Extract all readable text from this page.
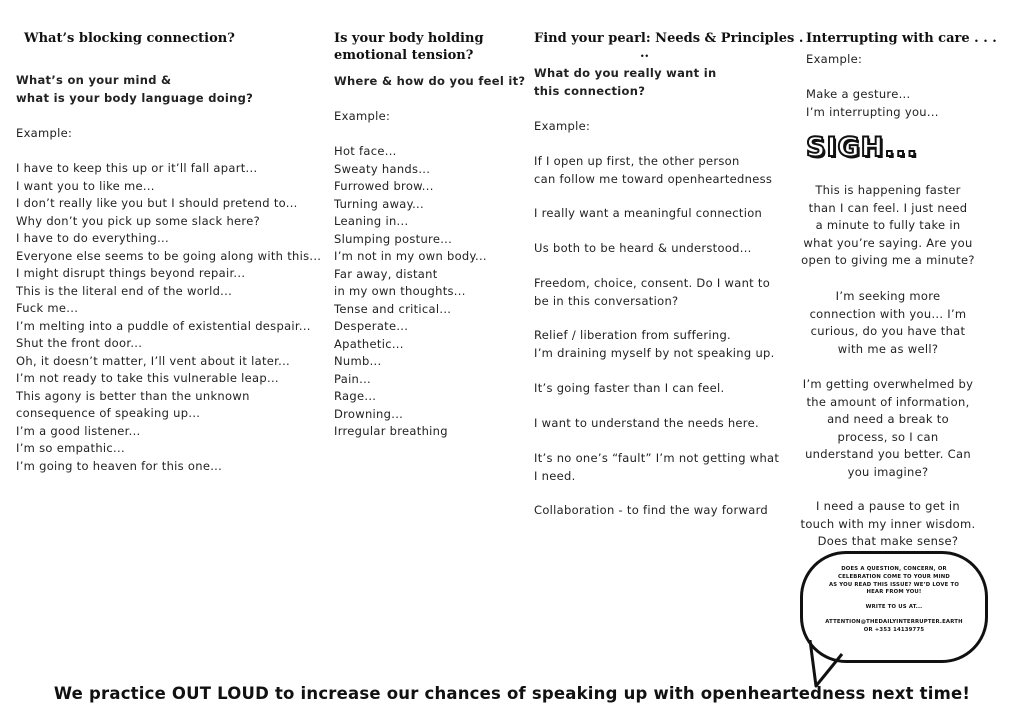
What’s blocking connection?
What’s on your mind &
what is your body language doing?
Example:
I have to keep this up or it’ll fall apart...
I want you to like me...
I don’t really like you but I should pretend to...
Why don’t you pick up some slack here?
I have to do everything...
Everyone else seems to be going along with this...
I might disrupt things beyond repair...
This is the literal end of the world...
Fuck me...
I’m melting into a puddle of existential despair...
Shut the front door...
Oh, it doesn’t matter, I’ll vent about it later...
I’m not ready to take this vulnerable leap...
This agony is better than the unknown
consequence of speaking up...
I’m a good listener...
I’m so empathic...
I’m going to heaven for this one...
Is your body holding
emotional tension?
Where & how do you feel it?
Example:
Hot face...
Sweaty hands...
Furrowed brow...
Turning away...
Leaning in...
Slumping posture...
I’m not in my own body...
Far away, distant
in my own thoughts...
Tense and critical...
Desperate...
Apathetic...
Numb...
Pain...
Rage...
Drowning...
Irregular breathing
Find your pearl: Needs & Principles .
..
What do you really want in
this connection?
Example:
If I open up first, the other person
can follow me toward openheartedness
I really want a meaningful connection
Us both to be heard & understood...
Freedom, choice, consent. Do I want to
be in this conversation?
Relief / liberation from suffering.
I’m draining myself by not speaking up.
It’s going faster than I can feel.
I want to understand the needs here.
It’s no one’s “fault” I’m not getting what
I need.
Collaboration - to find the way forward
Interrupting with care . . .
Example:
Make a gesture...
I’m interrupting you...
SIGH...
This is happening faster
than I can feel. I just need
a minute to fully take in
what you’re saying. Are you
open to giving me a minute?
I’m seeking more
connection with you... I’m
curious, do you have that
with me as well?
I’m getting overwhelmed by
the amount of information,
and need a break to
process, so I can
understand you better. Can
you imagine?
I need a pause to get in
touch with my inner wisdom.
Does that make sense?
DOES A QUESTION, CONCERN, OR
CELEBRATION COME TO YOUR MIND
AS YOU READ THIS ISSUE? WE’D LOVE TO
HEAR FROM YOU!
WRITE TO US AT...
ATTENTION@THEDAILYINTERRUPTER.EARTH
OR +353 14139775
We practice OUT LOUD to increase our chances of speaking up with openheartedness next time!
